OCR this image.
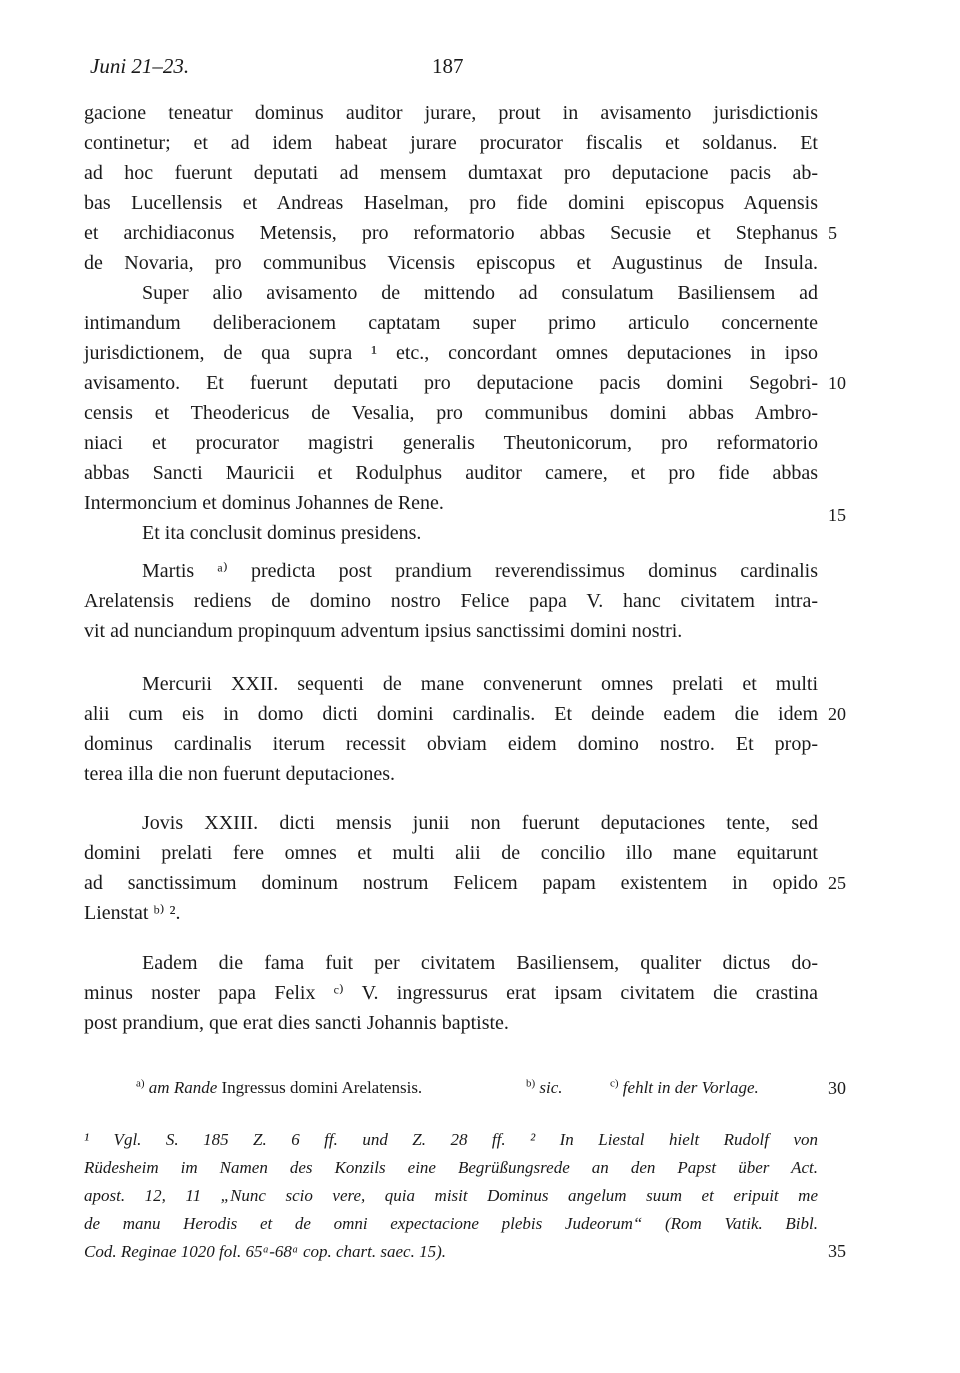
Juni 21–23.	187
gacione teneatur dominus auditor jurare, prout in avisamento jurisdictionis
continetur; et ad idem habeat jurare procurator fiscalis et soldanus. Et
ad hoc fuerunt deputati ad mensem dumtaxat pro deputacione pacis ab-
bas Lucellensis et Andreas Haselman, pro fide domini episcopus Aquensis
et archidiaconus Metensis, pro reformatorio abbas Secusie et Stephanus
de Novaria, pro communibus Vicensis episcopus et Augustinus de Insula.
Super alio avisamento de mittendo ad consulatum Basiliensem ad
intimandum deliberacionem captatam super primo articulo concernente
jurisdictionem, de qua supra ¹ etc., concordant omnes deputaciones in ipso
avisamento. Et fuerunt deputati pro deputacione pacis domini Segobri-
censis et Theodericus de Vesalia, pro communibus domini abbas Ambro-
niaci et procurator magistri generalis Theutonicorum, pro reformatorio
abbas Sancti Mauricii et Rodulphus auditor camere, et pro fide abbas
Intermoncium et dominus Johannes de Rene.
Et ita conclusit dominus presidens.
Martis ᵃ⁾ predicta post prandium reverendissimus dominus cardinalis
Arelatensis rediens de domino nostro Felice papa V. hanc civitatem intra-
vit ad nunciandum propinquum adventum ipsius sanctissimi domini nostri.
Mercurii XXII. sequenti de mane convenerunt omnes prelati et multi
alii cum eis in domo dicti domini cardinalis. Et deinde eadem die idem
dominus cardinalis iterum recessit obviam eidem domino nostro. Et prop-
terea illa die non fuerunt deputaciones.
Jovis XXIII. dicti mensis junii non fuerunt deputaciones tente, sed
domini prelati fere omnes et multi alii de concilio illo mane equitarunt
ad sanctissimum dominum nostrum Felicem papam existentem in opido
Lienstat ᵇ⁾ ².
Eadem die fama fuit per civitatem Basiliensem, qualiter dictus do-
minus noster papa Felix ᶜ⁾ V. ingressurus erat ipsam civitatem die crastina
post prandium, que erat dies sancti Johannis baptiste.
5
10
15
20
25
30
35
$^{a)}$ am Rande Ingressus domini Arelatensis.	$^{b)}$ sic.	$^{c)}$ fehlt in der Vorlage.
¹ Vgl. S. 185 Z. 6 ff. und Z. 28 ff. ² In Liestal hielt Rudolf von
Rüdesheim im Namen des Konzils eine Begrüßungsrede an den Papst über Act.
apost. 12, 11 „Nunc scio vere, quia misit Dominus angelum suum et eripuit me
de manu Herodis et de omni expectacione plebis Judeorum“ (Rom Vatik. Bibl.
Cod. Reginae 1020 fol. 65ᵃ-68ᵃ cop. chart. saec. 15).
